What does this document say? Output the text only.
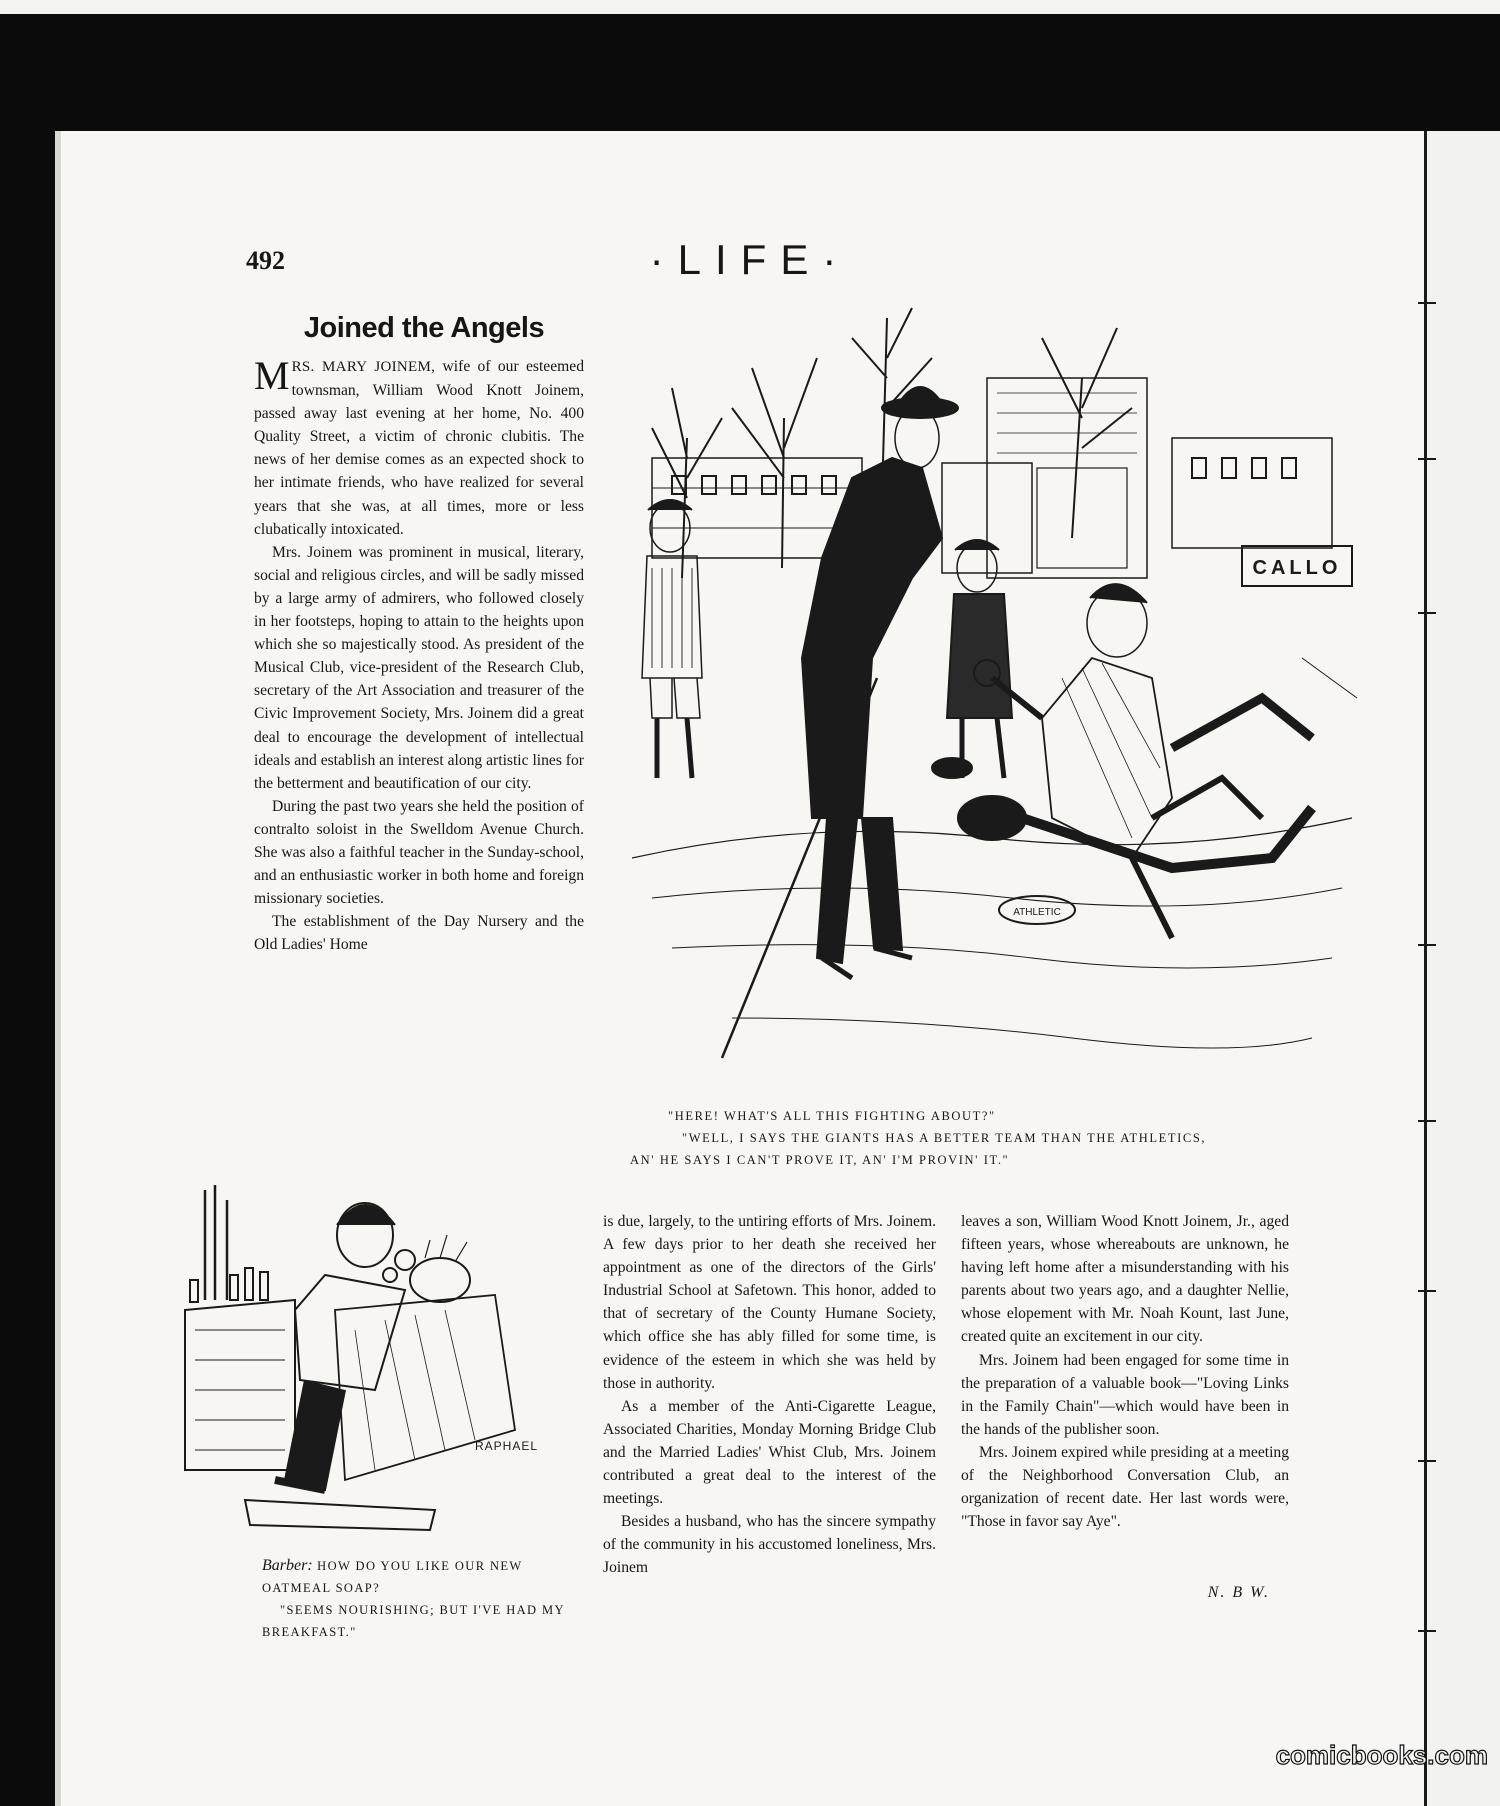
492	·LIFE·
Joined the Angels

MRS. MARY JOINEM, wife of our esteemed townsman, William Wood Knott Joinem, passed away last evening at her home, No. 400 Quality Street, a victim of chronic clubitis. The news of her demise comes as an expected shock to her intimate friends, who have realized for several years that she was, at all times, more or less clubatically intoxicated.

Mrs. Joinem was prominent in musical, literary, social and religious circles, and will be sadly missed by a large army of admirers, who followed closely in her footsteps, hoping to attain to the heights upon which she so majestically stood. As president of the Musical Club, vice-president of the Research Club, secretary of the Art Association and treasurer of the Civic Improvement Society, Mrs. Joinem did a great deal to encourage the development of intellectual ideals and establish an interest along artistic lines for the betterment and beautification of our city.

During the past two years she held the position of contralto soloist in the Swelldom Avenue Church. She was also a faithful teacher in the Sunday-school, and an enthusiastic worker in both home and foreign missionary societies.

The establishment of the Day Nursery and the Old Ladies' Home

is due, largely, to the untiring efforts of Mrs. Joinem. A few days prior to her death she received her appointment as one of the directors of the Girls' Industrial School at Safetown. This honor, added to that of secretary of the County Humane Society, which office she has ably filled for some time, is evidence of the esteem in which she was held by those in authority.

As a member of the Anti-Cigarette League, Associated Charities, Monday Morning Bridge Club and the Married Ladies' Whist Club, Mrs. Joinem contributed a great deal to the interest of the meetings.

Besides a husband, who has the sincere sympathy of the community in his accustomed loneliness, Mrs. Joinem

leaves a son, William Wood Knott Joinem, Jr., aged fifteen years, whose whereabouts are unknown, he having left home after a misunderstanding with his parents about two years ago, and a daughter Nellie, whose elopement with Mr. Noah Kount, last June, created quite an excitement in our city.

Mrs. Joinem had been engaged for some time in the preparation of a valuable book—"Loving Links in the Family Chain"—which would have been in the hands of the publisher soon.

Mrs. Joinem expired while presiding at a meeting of the Neighborhood Conversation Club, an organization of recent date. Her last words were, "Those in favor say Aye".

N. B W.
CALLO
ATHLETIC
"HERE! WHAT'S ALL THIS FIGHTING ABOUT?"
"WELL, I SAYS THE GIANTS HAS A BETTER TEAM THAN THE ATHLETICS,
AN' HE SAYS I CAN'T PROVE IT, AN' I'M PROVIN' IT."
RAPHAEL

Barber: HOW DO YOU LIKE OUR NEW OATMEAL SOAP?

"SEEMS NOURISHING; BUT I'VE HAD MY BREAKFAST."

comicbooks.com
